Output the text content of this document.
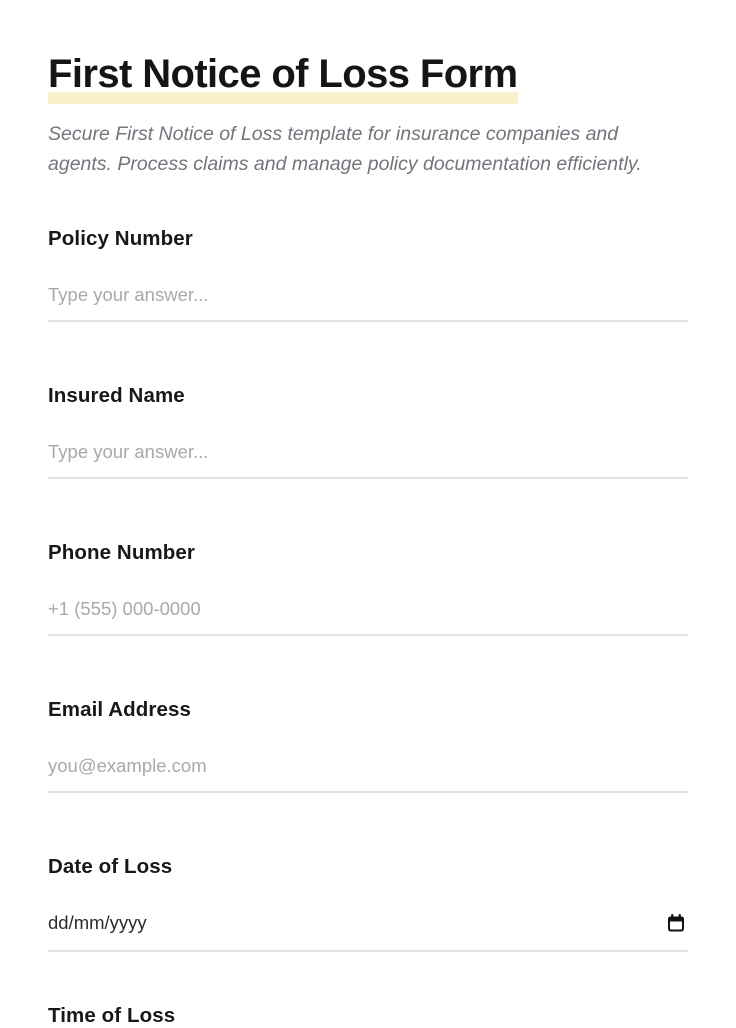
First Notice of Loss Form

Secure First Notice of Loss template for insurance companies and agents. Process claims and manage policy documentation efficiently.

Policy Number

Type your answer...

Insured Name

Type your answer...

Phone Number

+1 (555) 000-0000

Email Address

you@example.com

Date of Loss

dd/mm/yyyy

Time of Loss
